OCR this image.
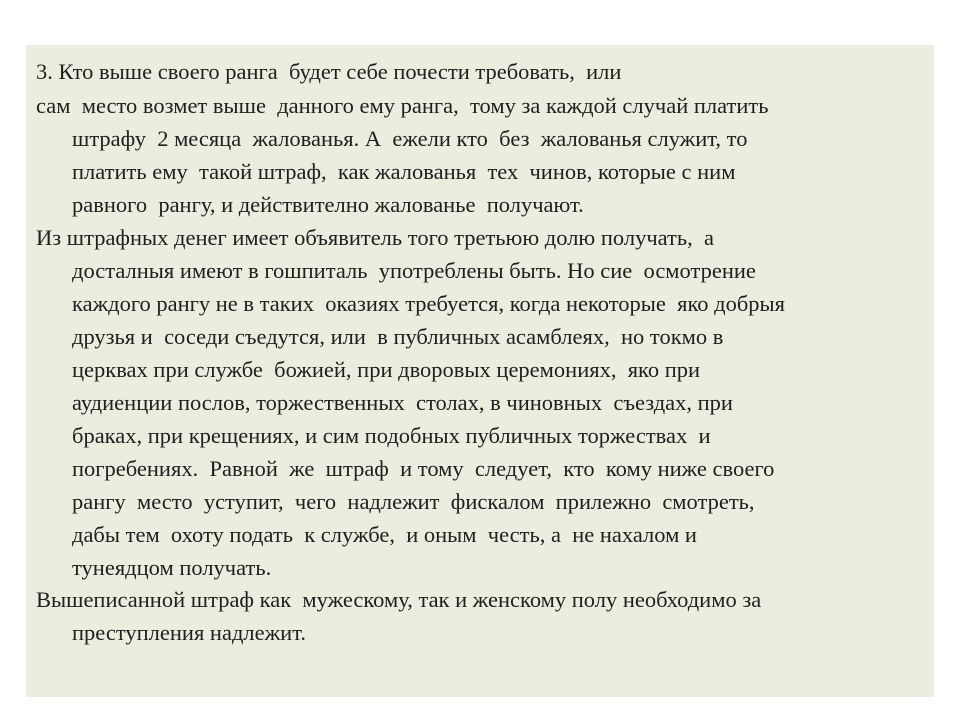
3. Кто выше своего ранга  будет себе почести требовать,  или

сам  место возмет выше  данного ему ранга,  тому за каждой случай платить
штрафу  2 месяца  жалованья. А  ежели кто  без  жалованья служит, то
платить ему  такой штраф,  как жалованья  тех  чинов, которые с ним
равного  рангу, и действително жалованье  получают.

Из штрафных денег имеет объявитель того третьюю долю получать,  а
досталныя имеют в гошпиталь  употреблены быть. Но сие  осмотрение
каждого рангу не в таких  оказиях требуется, когда некоторые  яко добрыя
друзья и  соседи съедутся, или  в публичных асамблеях,  но токмо в
церквах при службе  божией, при дворовых церемониях,  яко при
аудиенции послов, торжественных  столах, в чиновных  съездах, при
браках, при крещениях, и сим подобных публичных торжествах  и
погребениях.  Равной  же  штраф  и тому  следует,  кто  кому ниже своего
рангу  место  уступит,  чего  надлежит  фискалом  прилежно  смотреть,
дабы тем  охоту подать  к службе,  и оным  честь, а  не нахалом и
тунеядцом получать.

Вышеписанной штраф как  мужескому, так и женскому полу необходимо за
преступления надлежит.
